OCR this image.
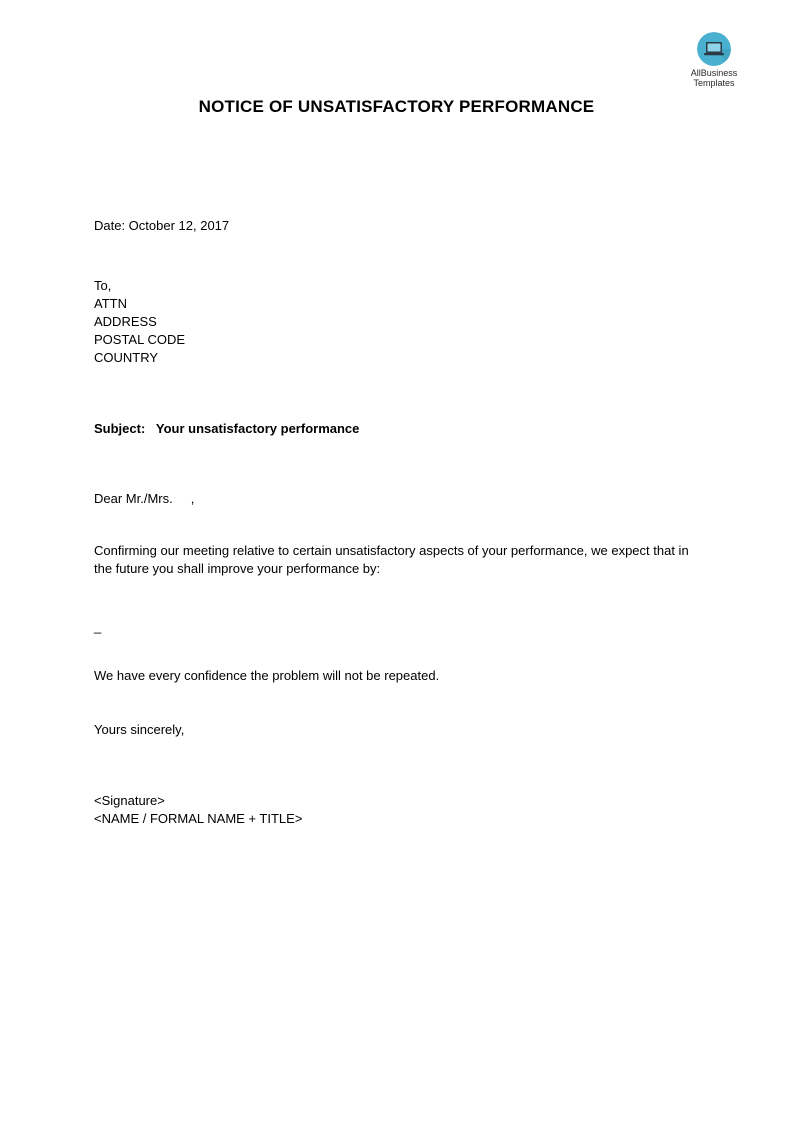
AllBusiness
Templates
NOTICE OF UNSATISFACTORY PERFORMANCE
Date: October 12, 2017
To,
ATTN
ADDRESS
POSTAL CODE
COUNTRY
Subject: Your unsatisfactory performance
Dear Mr./Mrs.     ,
Confirming our meeting relative to certain unsatisfactory aspects of your performance, we expect that in the future you shall improve your performance by:
_
We have every confidence the problem will not be repeated.
Yours sincerely,
<Signature>
<NAME / FORMAL NAME + TITLE>
